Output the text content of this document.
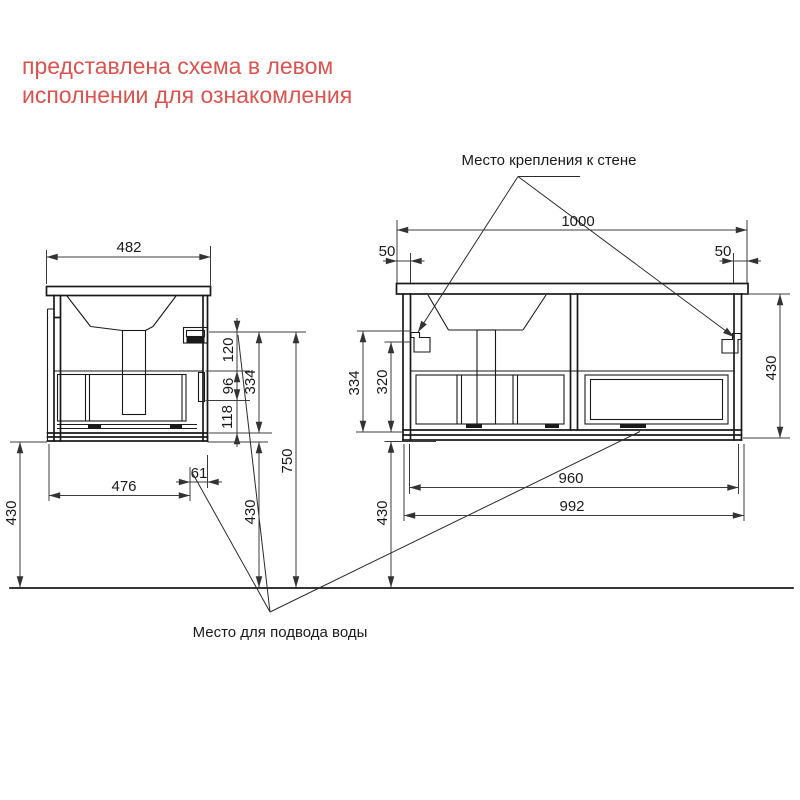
представлена схема в левом
исполнении для ознакомления
Место крепления к стене
Место для подвода воды
482
120
96
118
334
430
430
750
476
61
1000
50	50
334 320
430
430
960
992
